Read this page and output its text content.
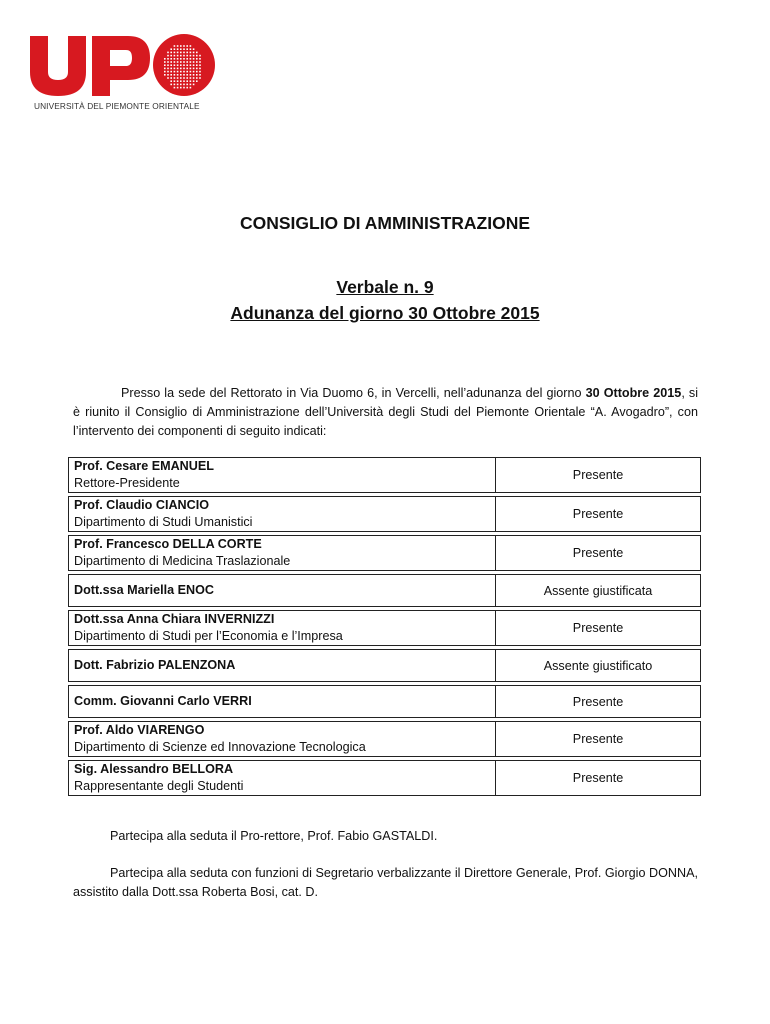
UNIVERSITÀ DEL PIEMONTE ORIENTALE
CONSIGLIO DI AMMINISTRAZIONE
Verbale n. 9
Adunanza del giorno 30 Ottobre 2015

Presso la sede del Rettorato in Via Duomo 6, in Vercelli, nell’adunanza del giorno 30 Ottobre 2015, si è riunito il Consiglio di Amministrazione dell’Università degli Studi del Piemonte Orientale “A. Avogadro”, con l’intervento dei componenti di seguito indicati:

Prof. Cesare EMANUEL
Rettore-Presidente	Presente

Prof. Claudio CIANCIO
Dipartimento di Studi Umanistici	Presente

Prof. Francesco DELLA CORTE
Dipartimento di Medicina Traslazionale	Presente

Dott.ssa Mariella ENOC	Assente giustificata

Dott.ssa Anna Chiara INVERNIZZI
Dipartimento di Studi per l’Economia e l’Impresa	Presente

Dott. Fabrizio PALENZONA	Assente giustificato

Comm. Giovanni Carlo VERRI	Presente

Prof. Aldo VIARENGO
Dipartimento di Scienze ed Innovazione Tecnologica	Presente

Sig. Alessandro BELLORA
Rappresentante degli Studenti	Presente
Partecipa alla seduta il Pro-rettore, Prof. Fabio GASTALDI.

Partecipa alla seduta con funzioni di Segretario verbalizzante il Direttore Generale, Prof. Giorgio DONNA, assistito dalla Dott.ssa Roberta Bosi, cat. D.
